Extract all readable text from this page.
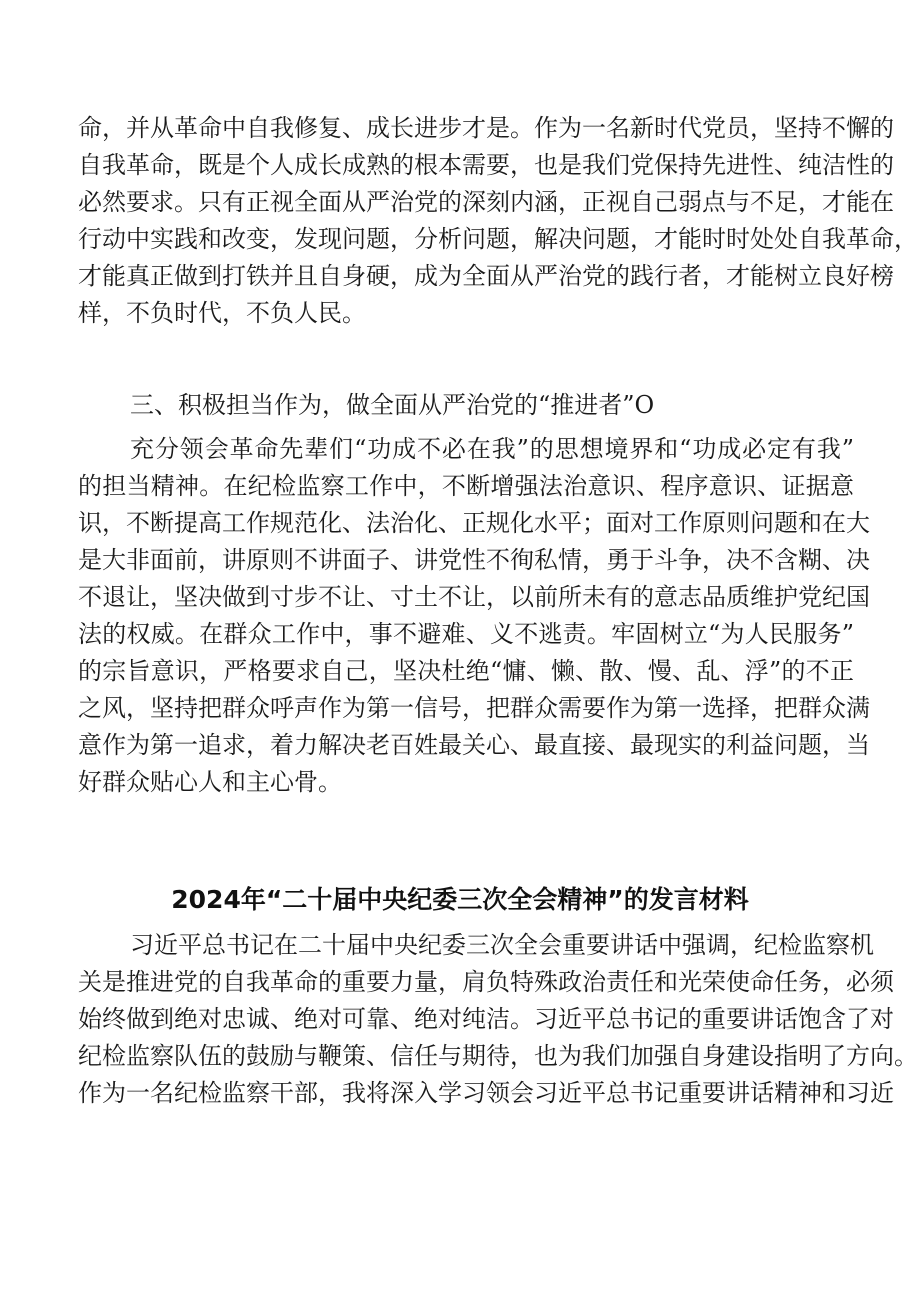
命，并从革命中自我修复、成长进步才是。作为一名新时代党员，坚持不懈的
自我革命，既是个人成长成熟的根本需要，也是我们党保持先进性、纯洁性的
必然要求。只有正视全面从严治党的深刻内涵，正视自己弱点与不足，才能在
行动中实践和改变，发现问题，分析问题，解决问题，才能时时处处自我革命，
才能真正做到打铁并且自身硬，成为全面从严治党的践行者，才能树立良好榜
样，不负时代，不负人民。
三、积极担当作为，做全面从严治党的“推进者”O
充分领会革命先辈们“功成不必在我”的思想境界和“功成必定有我”
的担当精神。在纪检监察工作中，不断增强法治意识、程序意识、证据意
识，不断提高工作规范化、法治化、正规化水平；面对工作原则问题和在大
是大非面前，讲原则不讲面子、讲党性不徇私情，勇于斗争，决不含糊、决
不退让，坚决做到寸步不让、寸土不让，以前所未有的意志品质维护党纪国
法的权威。在群众工作中，事不避难、义不逃责。牢固树立“为人民服务”
的宗旨意识，严格要求自己，坚决杜绝“慵、懒、散、慢、乱、浮”的不正
之风，坚持把群众呼声作为第一信号，把群众需要作为第一选择，把群众满
意作为第一追求，着力解决老百姓最关心、最直接、最现实的利益问题，当
好群众贴心人和主心骨。
2024年“二十届中央纪委三次全会精神”的发言材料
习近平总书记在二十届中央纪委三次全会重要讲话中强调，纪检监察机
关是推进党的自我革命的重要力量，肩负特殊政治责任和光荣使命任务，必须
始终做到绝对忠诚、绝对可靠、绝对纯洁。习近平总书记的重要讲话饱含了对
纪检监察队伍的鼓励与鞭策、信任与期待，也为我们加强自身建设指明了方向。
作为一名纪检监察干部，我将深入学习领会习近平总书记重要讲话精神和习近
